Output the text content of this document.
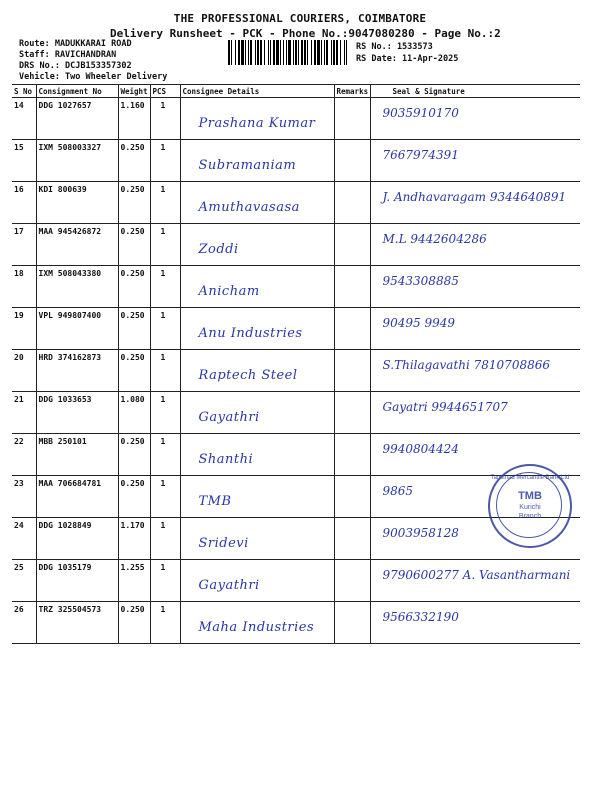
THE PROFESSIONAL COURIERS, COIMBATORE
Delivery Runsheet - PCK - Phone No.:9047080280 - Page No.:2
Route: MADUKKARAI ROAD
Staff: RAVICHANDRAN
DRS No.: DCJB153357302
Vehicle: Two Wheeler Delivery
RS No.: 1533573
RS Date: 11-Apr-2025
S No	Consignment No	Weight	PCS	Consignee Details	Remarks	Seal & Signature
14	DDG 1027657	1.160	1	Prashana Kumar		9035910170

15	IXM 508003327	0.250	1	Subramaniam		7667974391

16	KDI 800639	0.250	1	Amuthavasasa		J. Andhavaragam 9344640891

17	MAA 945426872	0.250	1	Zoddi		M.L 9442604286

18	IXM 508043380	0.250	1	Anicham		9543308885

19	VPL 949807400	0.250	1	Anu Industries		90495 9949

20	HRD 374162873	0.250	1	Raptech Steel		S.Thilagavathi 7810708866

21	DDG 1033653	1.080	1	Gayathri		Gayatri 9944651707

22	MBB 250101	0.250	1	Shanthi		9940804424

23	MAA 706684781	0.250	1	TMB		9865

24	DDG 1028849	1.170	1	Sridevi		9003958128

25	DDG 1035179	1.255	1	Gayathri		9790600277 A. Vasantharmani

26	TRZ 325504573	0.250	1	Maha Industries		9566332190
Tamilnad Mercantile Bank Ltd
TMB
Kurichi
Branch
